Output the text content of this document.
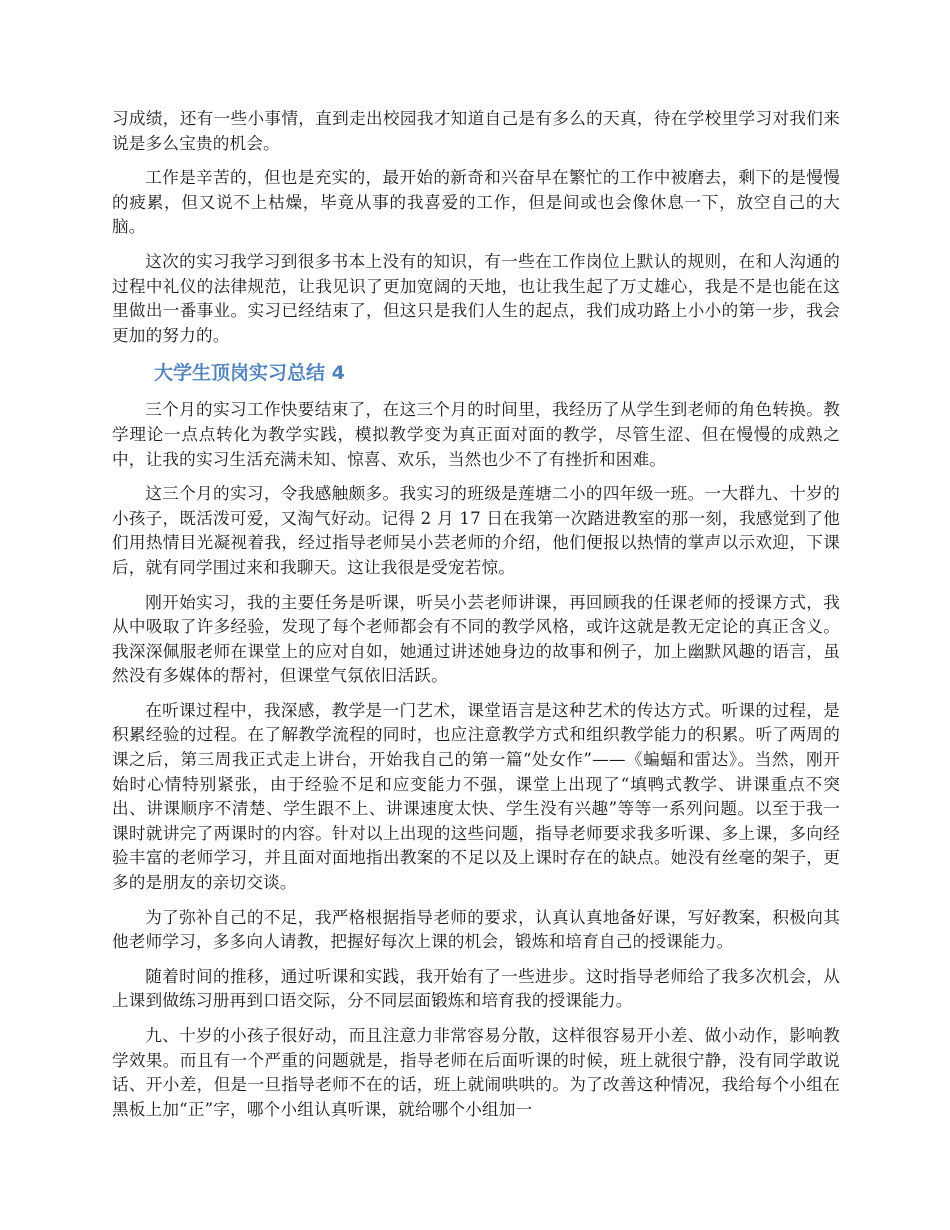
习成绩，还有一些小事情，直到走出校园我才知道自己是有多么的天真，待在学校里学习对我们来说是多么宝贵的机会。

工作是辛苦的，但也是充实的，最开始的新奇和兴奋早在繁忙的工作中被磨去，剩下的是慢慢的疲累，但又说不上枯燥，毕竟从事的我喜爱的工作，但是间或也会像休息一下，放空自己的大脑。

这次的实习我学习到很多书本上没有的知识，有一些在工作岗位上默认的规则，在和人沟通的过程中礼仪的法律规范，让我见识了更加宽阔的天地，也让我生起了万丈雄心，我是不是也能在这里做出一番事业。实习已经结束了，但这只是我们人生的起点，我们成功路上小小的第一步，我会更加的努力的。

大学生顶岗实习总结 4

三个月的实习工作快要结束了，在这三个月的时间里，我经历了从学生到老师的角色转换。教学理论一点点转化为教学实践，模拟教学变为真正面对面的教学，尽管生涩、但在慢慢的成熟之中，让我的实习生活充满未知、惊喜、欢乐，当然也少不了有挫折和困难。

这三个月的实习，令我感触颇多。我实习的班级是莲塘二小的四年级一班。一大群九、十岁的小孩子，既活泼可爱，又淘气好动。记得 2 月 17 日在我第一次踏进教室的那一刻，我感觉到了他们用热情目光凝视着我，经过指导老师吴小芸老师的介绍，他们便报以热情的掌声以示欢迎，下课后，就有同学围过来和我聊天。这让我很是受宠若惊。

刚开始实习，我的主要任务是听课，听吴小芸老师讲课，再回顾我的任课老师的授课方式，我从中吸取了许多经验，发现了每个老师都会有不同的教学风格，或许这就是教无定论的真正含义。我深深佩服老师在课堂上的应对自如，她通过讲述她身边的故事和例子，加上幽默风趣的语言，虽然没有多媒体的帮衬，但课堂气氛依旧活跃。

在听课过程中，我深感，教学是一门艺术，课堂语言是这种艺术的传达方式。听课的过程，是积累经验的过程。在了解教学流程的同时，也应注意教学方式和组织教学能力的积累。听了两周的课之后，第三周我正式走上讲台，开始我自己的第一篇“处女作”——《蝙蝠和雷达》。当然，刚开始时心情特别紧张，由于经验不足和应变能力不强，课堂上出现了“填鸭式教学、讲课重点不突出、讲课顺序不清楚、学生跟不上、讲课速度太快、学生没有兴趣”等等一系列问题。以至于我一课时就讲完了两课时的内容。针对以上出现的这些问题，指导老师要求我多听课、多上课，多向经验丰富的老师学习，并且面对面地指出教案的不足以及上课时存在的缺点。她没有丝毫的架子，更多的是朋友的亲切交谈。

为了弥补自己的不足，我严格根据指导老师的要求，认真认真地备好课，写好教案，积极向其他老师学习，多多向人请教，把握好每次上课的机会，锻炼和培育自己的授课能力。

随着时间的推移，通过听课和实践，我开始有了一些进步。这时指导老师给了我多次机会，从上课到做练习册再到口语交际，分不同层面锻炼和培育我的授课能力。

九、十岁的小孩子很好动，而且注意力非常容易分散，这样很容易开小差、做小动作，影响教学效果。而且有一个严重的问题就是，指导老师在后面听课的时候，班上就很宁静，没有同学敢说话、开小差，但是一旦指导老师不在的话，班上就闹哄哄的。为了改善这种情况，我给每个小组在黑板上加“正”字，哪个小组认真听课，就给哪个小组加一
